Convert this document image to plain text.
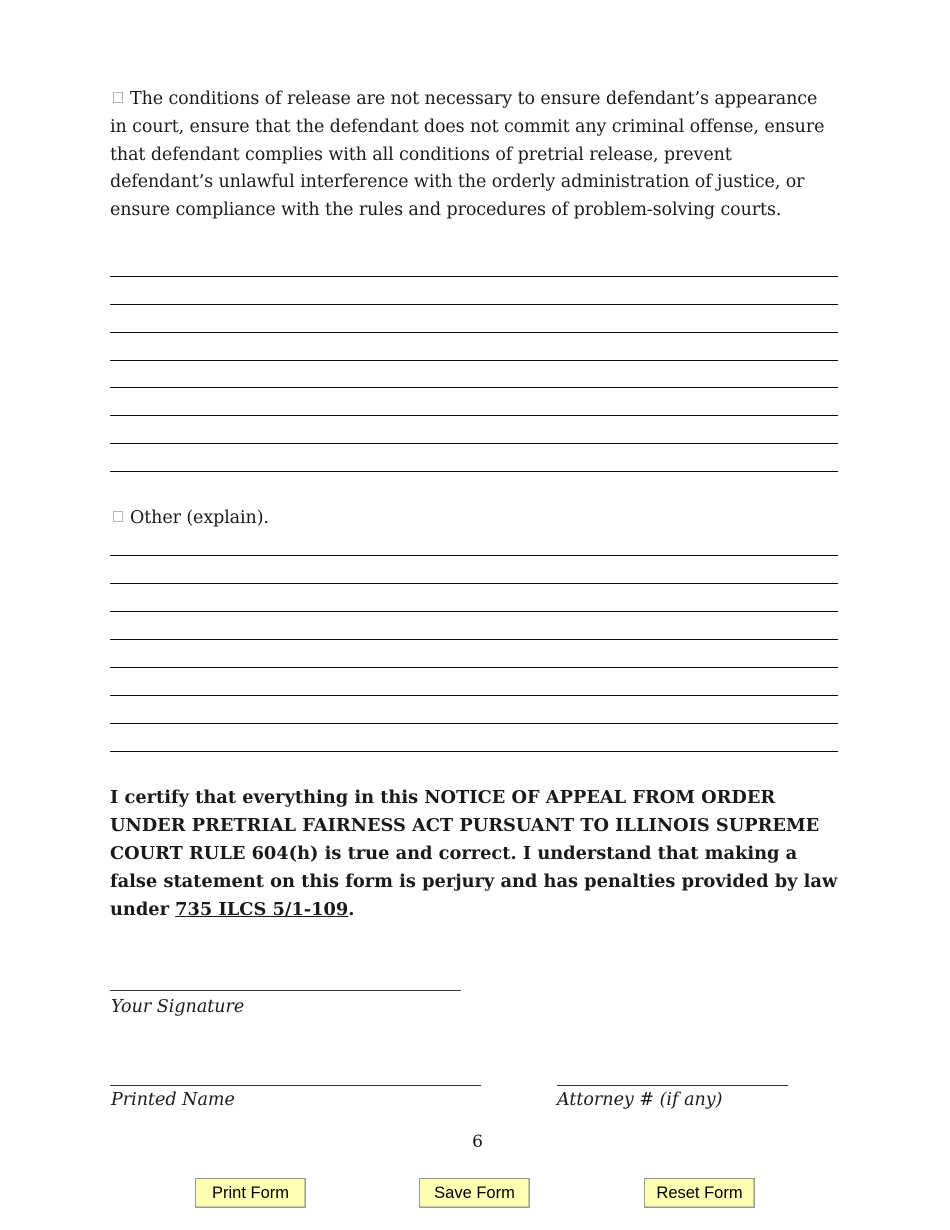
The conditions of release are not necessary to ensure defendant’s appearance in court, ensure that the defendant does not commit any criminal offense, ensure that defendant complies with all conditions of pretrial release, prevent defendant’s unlawful interference with the orderly administration of justice, or ensure compliance with the rules and procedures of problem-solving courts.
Other (explain).
I certify that everything in this NOTICE OF APPEAL FROM ORDER UNDER PRETRIAL FAIRNESS ACT PURSUANT TO ILLINOIS SUPREME COURT RULE 604(h) is true and correct. I understand that making a false statement on this form is perjury and has penalties provided by law under 735 ILCS 5/1-109.
Your Signature
Printed Name	Attorney # (if any)
6
Print Form	Save Form	Reset Form
